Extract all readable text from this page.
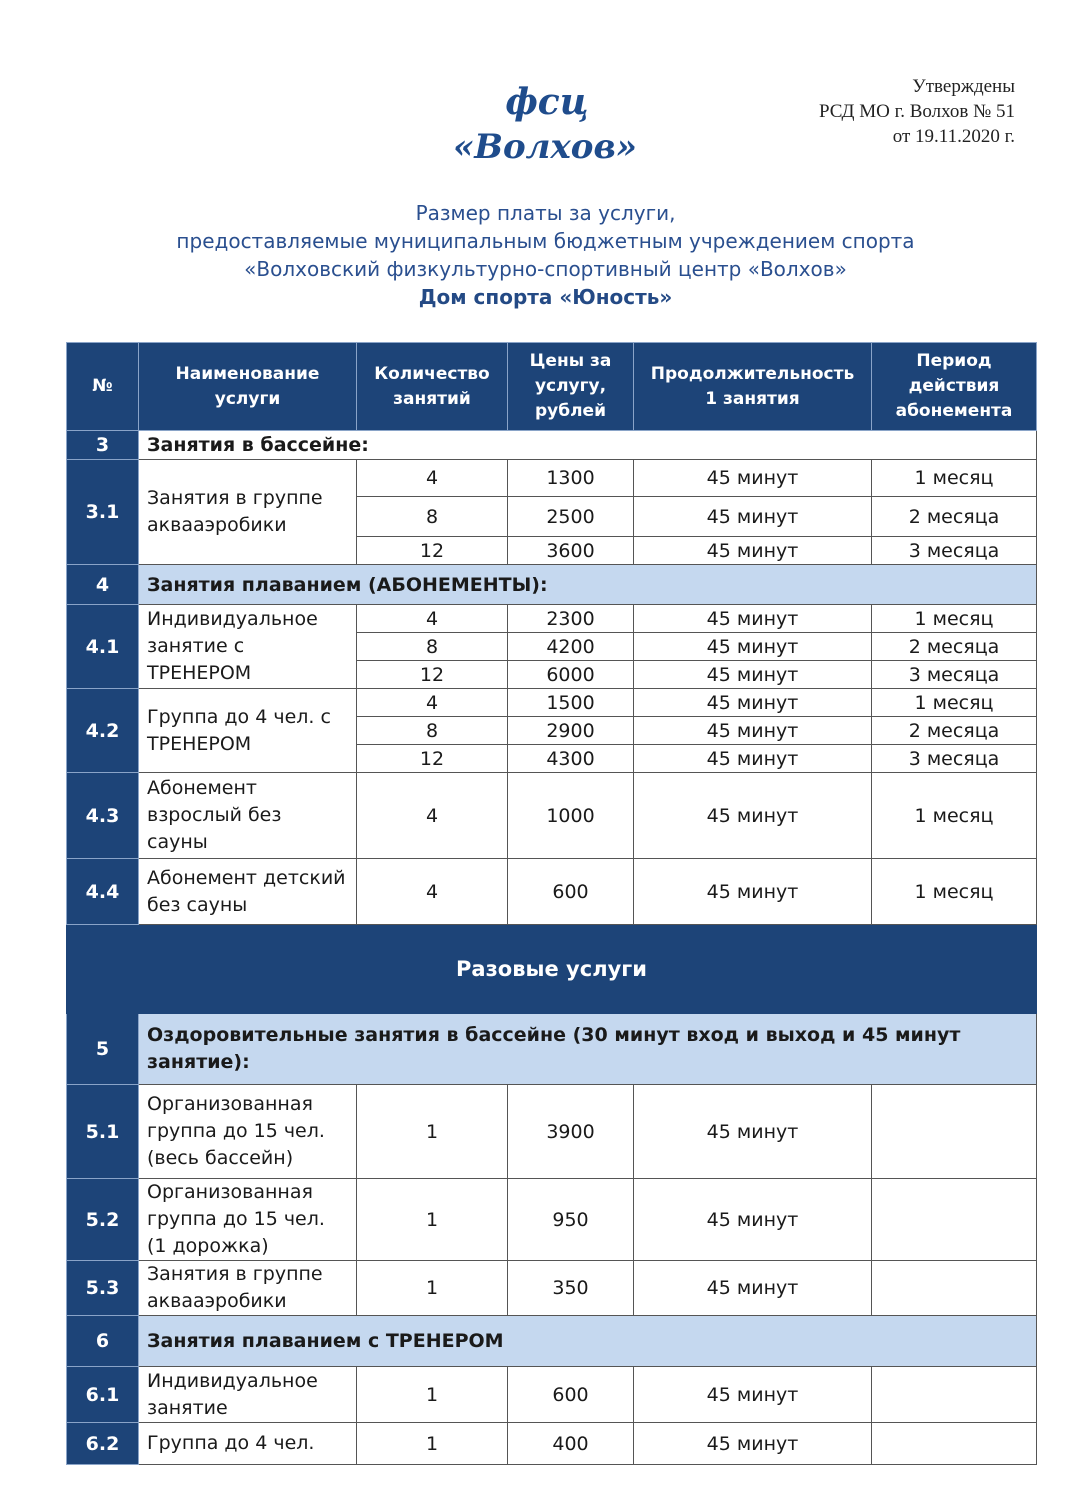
фсц
«Волхов»
Утверждены
РСД МО г. Волхов № 51
от 19.11.2020 г.
Размер платы за услуги,
предоставляемые муниципальным бюджетным учреждением спорта
«Волховский физкультурно-спортивный центр «Волхов»
Дом спорта «Юность»
№	Наименование услуги	Количество занятий	Цены за услугу, рублей	Продолжительность 1 занятия	Период действия абонемента
3	Занятия в бассейне:				
3.1	Занятия в группе аквааэробики	4	1300	45 минут	1 месяц
		8	2500	45 минут	2 месяца
		12	3600	45 минут	3 месяца
4	Занятия плаванием (АБОНЕМЕНТЫ):				
4.1	Индивидуальное занятие с ТРЕНЕРОМ	4	2300	45 минут	1 месяц
		8	4200	45 минут	2 месяца
		12	6000	45 минут	3 месяца
4.2	Группа до 4 чел. с ТРЕНЕРОМ	4	1500	45 минут	1 месяц
		8	2900	45 минут	2 месяца
		12	4300	45 минут	3 месяца
4.3	Абонемент взрослый без сауны	4	1000	45 минут	1 месяц
4.4	Абонемент детский без сауны	4	600	45 минут	1 месяц
Разовые услуги					
5	Оздоровительные занятия в бассейне (30 минут вход и выход и 45 минут занятие):				
5.1	Организованная группа до 15 чел. (весь бассейн)	1	3900	45 минут	
5.2	Организованная группа до 15 чел. (1 дорожка)	1	950	45 минут	
5.3	Занятия в группе аквааэробики	1	350	45 минут	
6	Занятия плаванием с ТРЕНЕРОМ				
6.1	Индивидуальное занятие	1	600	45 минут	
6.2	Группа до 4 чел.	1	400	45 минут	
